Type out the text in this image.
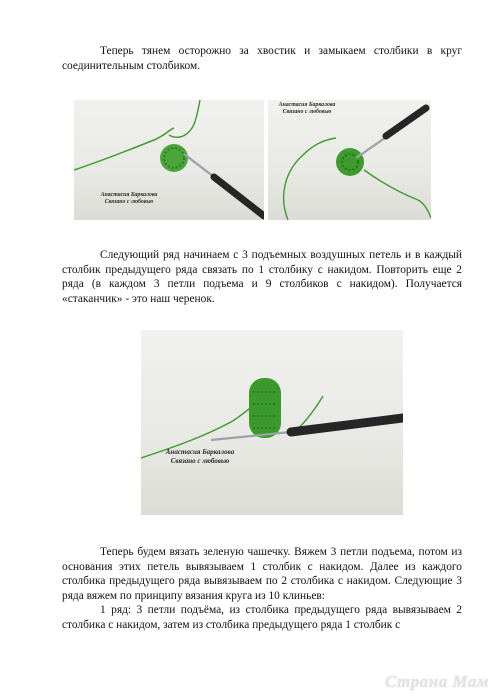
Теперь тянем осторожно за хвостик и замыкаем столбики в круг соединительным столбиком.

Анастасия Баркалова
Связано с любовью
Анастасия Баркалова
Связано с любовью

Следующий ряд начинаем с 3 подъемных воздушных петель и в каждый столбик предыдущего ряда связать по 1 столбику с накидом. Повторить еще 2 ряда (в каждом 3 петли подъема и 9 столбиков с накидом). Получается «стаканчик» - это наш черенок.

Анастасия Баркалова
Связано с любовью

Теперь будем вязать зеленую чашечку. Вяжем 3 петли подъема, потом из основания этих петель вывязываем 1 столбик с накидом. Далее из каждого столбика предыдущего ряда вывязываем по 2 столбика с накидом. Следующие 3 ряда вяжем по принципу вязания круга из 10 клиньев:

1 ряд: 3 петли подъёма, из столбика предыдущего ряда вывязываем 2 столбика с накидом, затем из столбика предыдущего ряда 1 столбик с

Страна Мам
